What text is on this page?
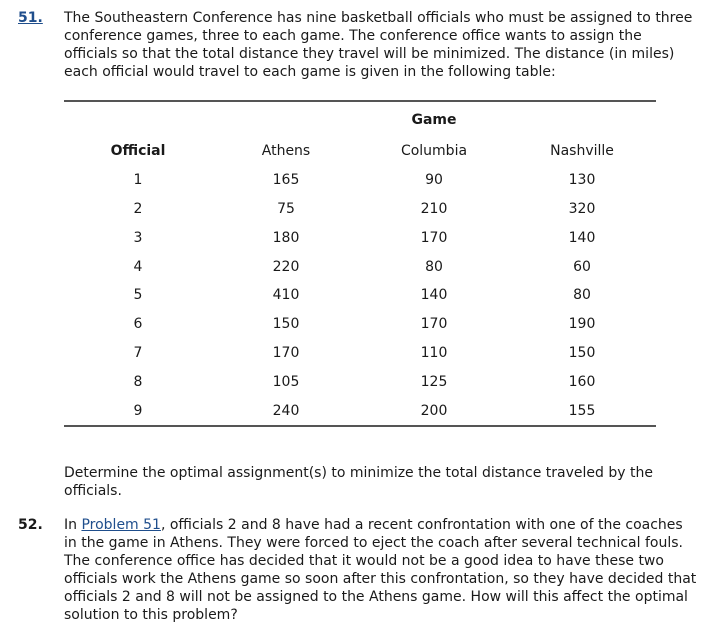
51. The Southeastern Conference has nine basketball officials who must be assigned to three conference games, three to each game. The conference office wants to assign the officials so that the total distance they travel will be minimized. The distance (in miles) each official would travel to each game is given in the following table:
		Game	
Official	Athens	Columbia	Nashville
1	165	90	130
2	75	210	320
3	180	170	140
4	220	80	60
5	410	140	80
6	150	170	190
7	170	110	150
8	105	125	160
9	240	200	155
Determine the optimal assignment(s) to minimize the total distance traveled by the officials.
52. In Problem 51, officials 2 and 8 have had a recent confrontation with one of the coaches in the game in Athens. They were forced to eject the coach after several technical fouls. The conference office has decided that it would not be a good idea to have these two officials work the Athens game so soon after this confrontation, so they have decided that officials 2 and 8 will not be assigned to the Athens game. How will this affect the optimal solution to this problem?
